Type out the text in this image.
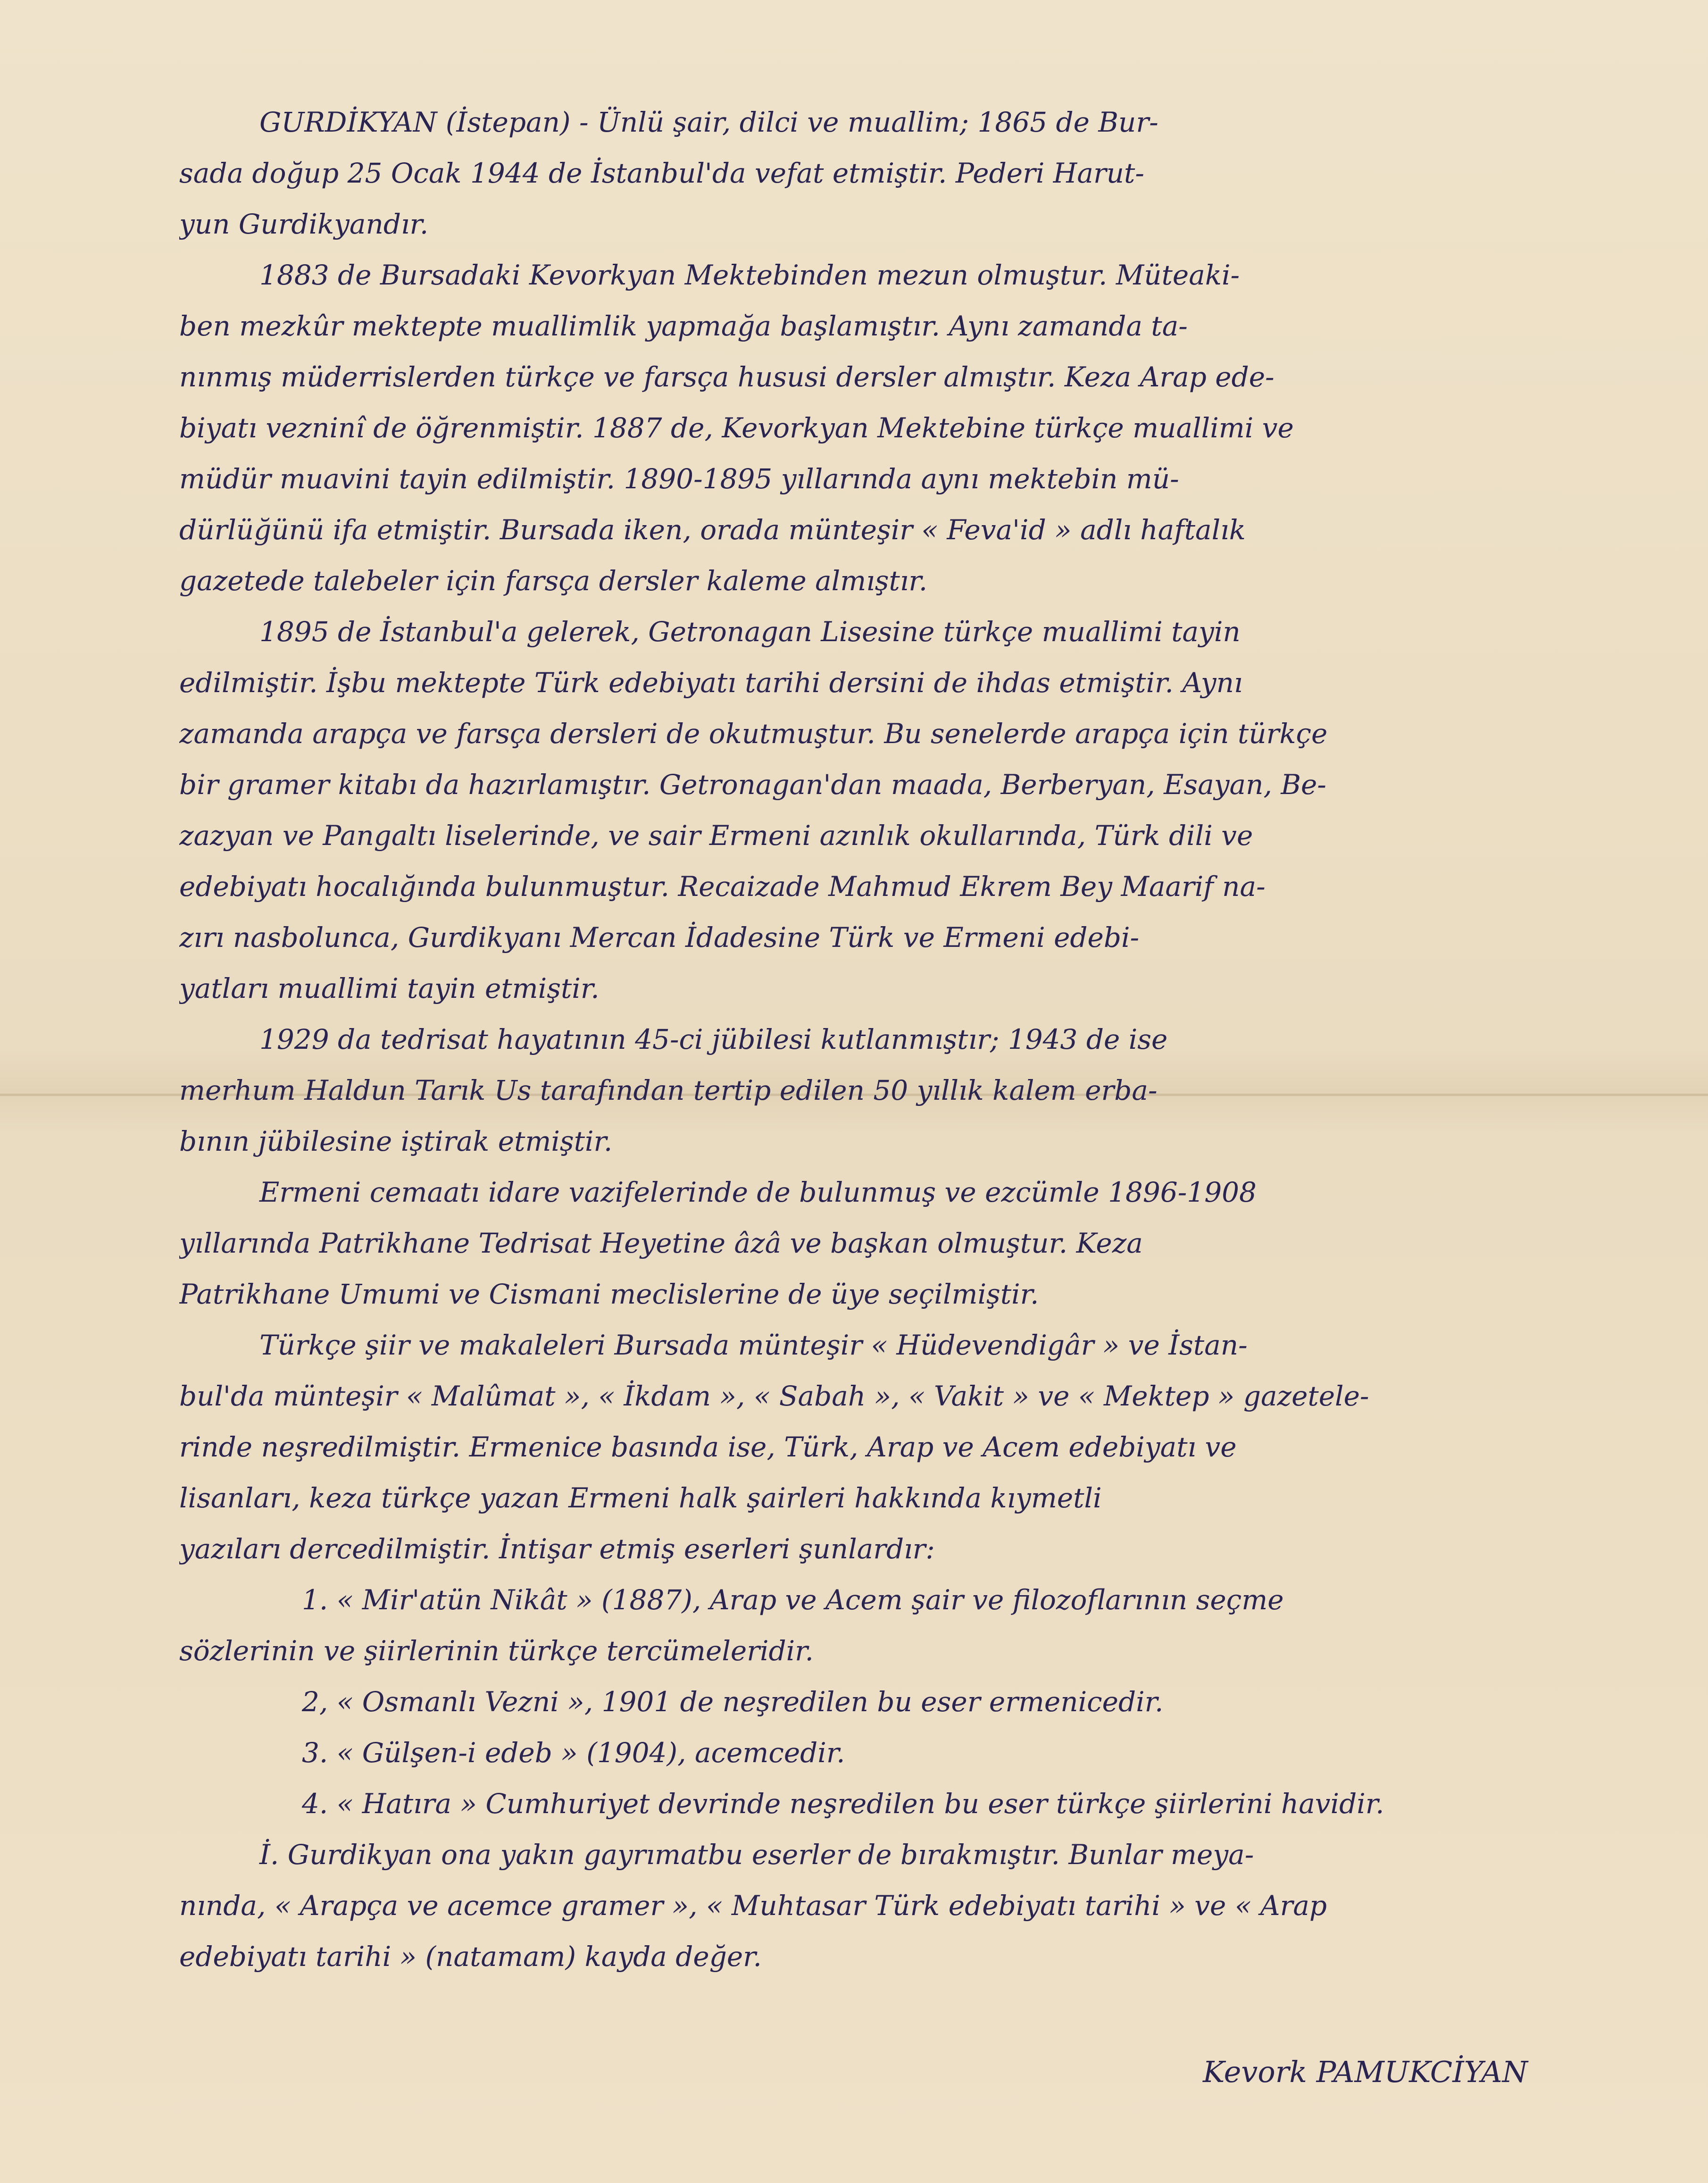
GURDİKYAN (İstepan) - Ünlü şair, dilci ve muallim; 1865 de Bur-
sada doğup 25 Ocak 1944 de İstanbul'da vefat etmiştir. Pederi Harut-
yun Gurdikyandır.
1883 de Bursadaki Kevorkyan Mektebinden mezun olmuştur. Müteaki-
ben mezkûr mektepte muallimlik yapmağa başlamıştır. Aynı zamanda ta-
nınmış müderrislerden türkçe ve farsça hususi dersler almıştır. Keza Arap ede-
biyatı vezninî de öğrenmiştir. 1887 de, Kevorkyan Mektebine türkçe muallimi ve
müdür muavini tayin edilmiştir. 1890-1895 yıllarında aynı mektebin mü-
dürlüğünü ifa etmiştir. Bursada iken, orada münteşir « Feva'id » adlı haftalık
gazetede talebeler için farsça dersler kaleme almıştır.
1895 de İstanbul'a gelerek, Getronagan Lisesine türkçe muallimi tayin
edilmiştir. İşbu mektepte Türk edebiyatı tarihi dersini de ihdas etmiştir. Aynı
zamanda arapça ve farsça dersleri de okutmuştur. Bu senelerde arapça için türkçe
bir gramer kitabı da hazırlamıştır. Getronagan'dan maada, Berberyan, Esayan, Be-
zazyan ve Pangaltı liselerinde, ve sair Ermeni azınlık okullarında, Türk dili ve
edebiyatı hocalığında bulunmuştur. Recaizade Mahmud Ekrem Bey Maarif na-
zırı nasbolunca, Gurdikyanı Mercan İdadesine Türk ve Ermeni edebi-
yatları muallimi tayin etmiştir.
1929 da tedrisat hayatının 45-ci jübilesi kutlanmıştır; 1943 de ise
merhum Haldun Tarık Us tarafından tertip edilen 50 yıllık kalem erba-
bının jübilesine iştirak etmiştir.
Ermeni cemaatı idare vazifelerinde de bulunmuş ve ezcümle 1896-1908
yıllarında Patrikhane Tedrisat Heyetine âzâ ve başkan olmuştur. Keza
Patrikhane Umumi ve Cismani meclislerine de üye seçilmiştir.
Türkçe şiir ve makaleleri Bursada münteşir « Hüdevendigâr » ve İstan-
bul'da münteşir « Malûmat », « İkdam », « Sabah », « Vakit » ve « Mektep » gazetele-
rinde neşredilmiştir. Ermenice basında ise, Türk, Arap ve Acem edebiyatı ve
lisanları, keza türkçe yazan Ermeni halk şairleri hakkında kıymetli
yazıları dercedilmiştir. İntişar etmiş eserleri şunlardır:
1. « Mir'atün Nikât » (1887), Arap ve Acem şair ve filozoflarının seçme
sözlerinin ve şiirlerinin türkçe tercümeleridir.
2, « Osmanlı Vezni », 1901 de neşredilen bu eser ermenicedir.
3. « Gülşen-i edeb » (1904), acemcedir.
4. « Hatıra » Cumhuriyet devrinde neşredilen bu eser türkçe şiirlerini havidir.
İ. Gurdikyan ona yakın gayrımatbu eserler de bırakmıştır. Bunlar meya-
nında, « Arapça ve acemce gramer », « Muhtasar Türk edebiyatı tarihi » ve « Arap
edebiyatı tarihi » (natamam) kayda değer.
Kevork PAMUKCİYAN
